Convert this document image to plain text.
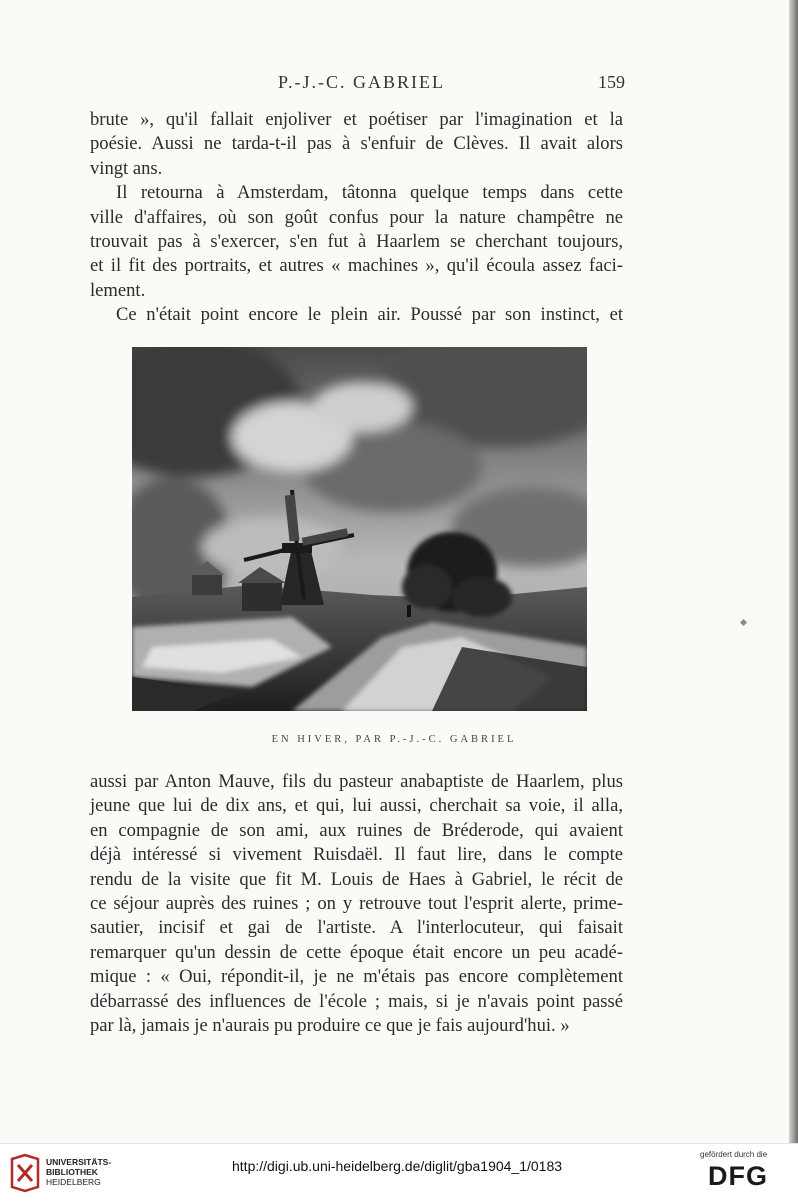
P.-J.-C. GABRIEL	159
brute », qu'il fallait enjoliver et poétiser par l'imagination et la
poésie. Aussi ne tarda-t-il pas à s'enfuir de Clèves. Il avait alors
vingt ans.
Il retourna à Amsterdam, tâtonna quelque temps dans cette
ville d'affaires, où son goût confus pour la nature champêtre ne
trouvait pas à s'exercer, s'en fut à Haarlem se cherchant toujours,
et il fit des portraits, et autres « machines », qu'il écoula assez faci-
lement.
Ce n'était point encore le plein air. Poussé par son instinct, et
EN HIVER, PAR P.-J.-C. GABRIEL
aussi par Anton Mauve, fils du pasteur anabaptiste de Haarlem, plus
jeune que lui de dix ans, et qui, lui aussi, cherchait sa voie, il alla,
en compagnie de son ami, aux ruines de Bréderode, qui avaient
déjà intéressé si vivement Ruisdaël. Il faut lire, dans le compte
rendu de la visite que fit M. Louis de Haes à Gabriel, le récit de
ce séjour auprès des ruines ; on y retrouve tout l'esprit alerte, prime-
sautier, incisif et gai de l'artiste. A l'interlocuteur, qui faisait
remarquer qu'un dessin de cette époque était encore un peu acadé-
mique : « Oui, répondit-il, je ne m'étais pas encore complètement
débarrassé des influences de l'école ; mais, si je n'avais point passé
par là, jamais je n'aurais pu produire ce que je fais aujourd'hui. »
UNIVERSITÄTS-
BIBLIOTHEK
HEIDELBERG
http://digi.ub.uni-heidelberg.de/diglit/gba1904_1/0183
gefördert durch die
DFG
